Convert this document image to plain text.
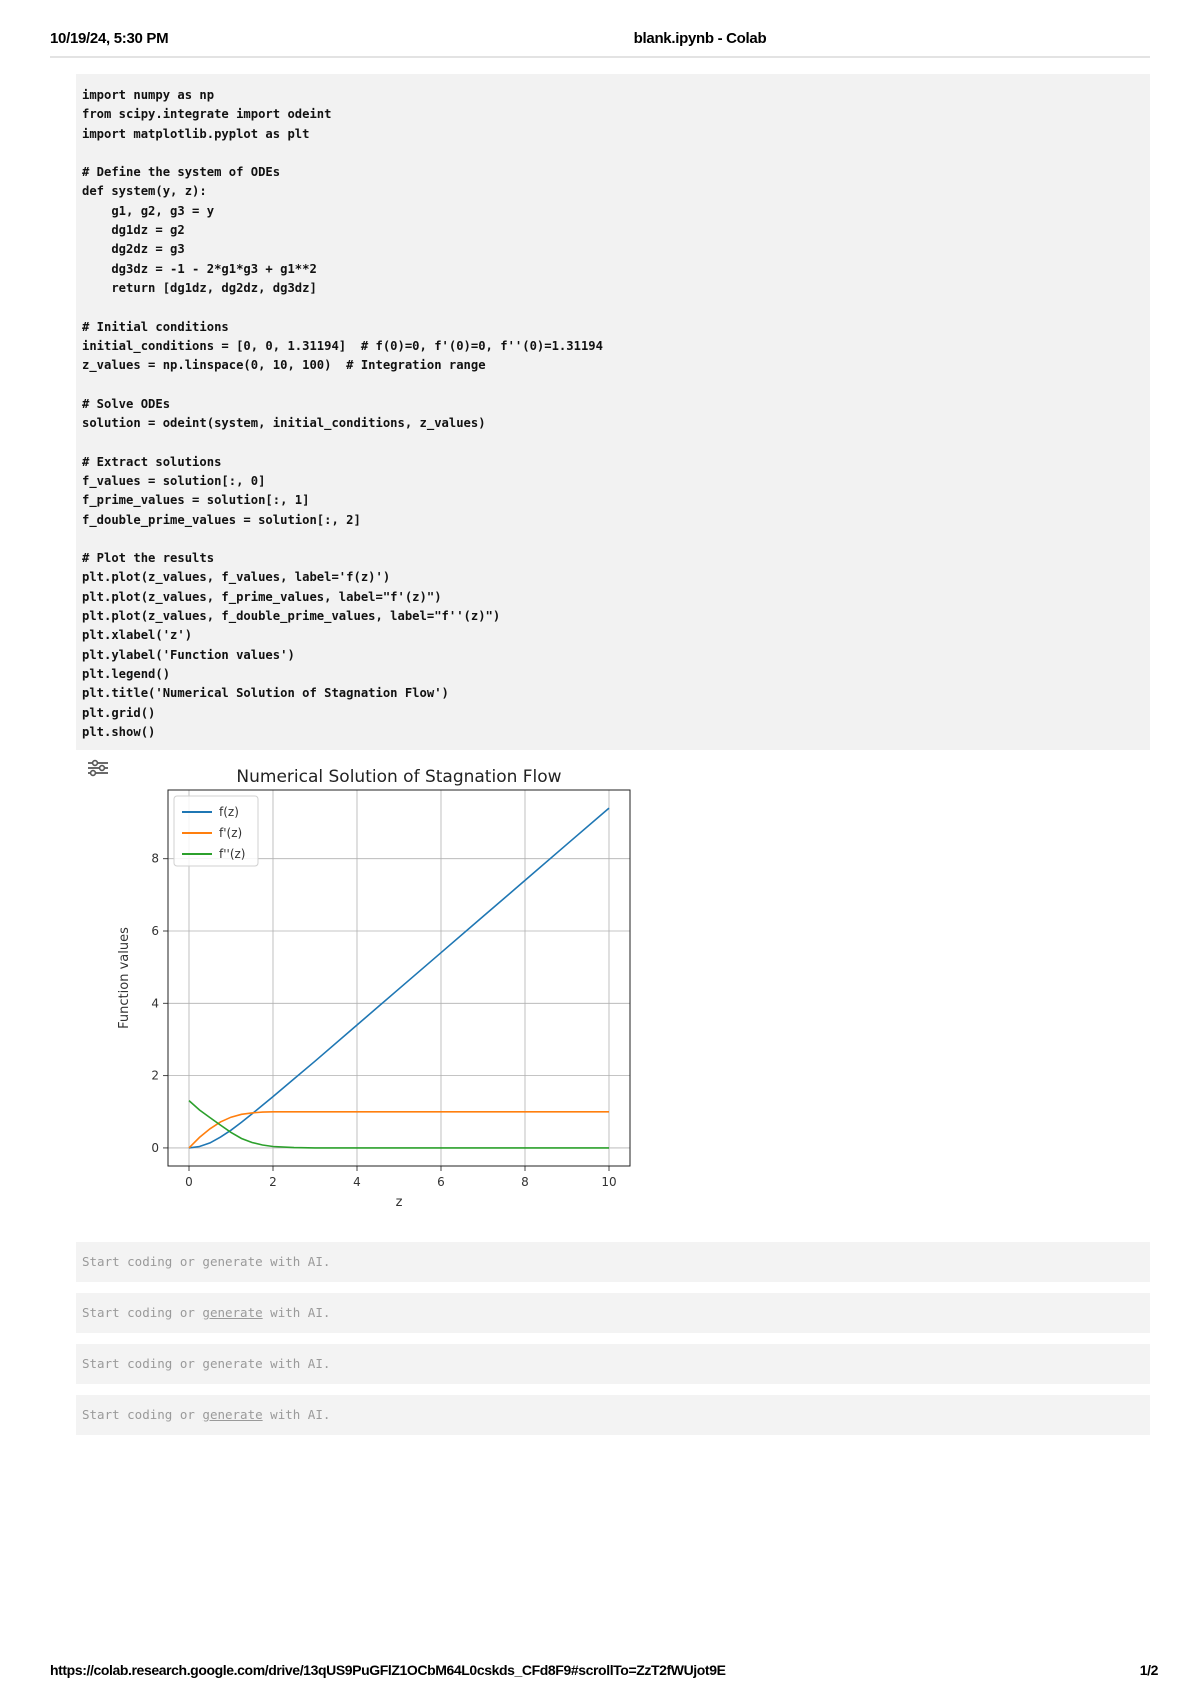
10/19/24, 5:30 PM	blank.ipynb - Colab
import numpy as np
from scipy.integrate import odeint
import matplotlib.pyplot as plt

# Define the system of ODEs
def system(y, z):
g1, g2, g3 = y
dg1dz = g2
dg2dz = g3
dg3dz = -1 - 2*g1*g3 + g1**2
return [dg1dz, dg2dz, dg3dz]

# Initial conditions
initial_conditions = [0, 0, 1.31194]  # f(0)=0, f'(0)=0, f''(0)=1.31194
z_values = np.linspace(0, 10, 100)  # Integration range

# Solve ODEs
solution = odeint(system, initial_conditions, z_values)

# Extract solutions
f_values = solution[:, 0]
f_prime_values = solution[:, 1]
f_double_prime_values = solution[:, 2]

# Plot the results
plt.plot(z_values, f_values, label='f(z)')
plt.plot(z_values, f_prime_values, label="f'(z)")
plt.plot(z_values, f_double_prime_values, label="f''(z)")
plt.xlabel('z')
plt.ylabel('Function values')
plt.legend()
plt.title('Numerical Solution of Stagnation Flow')
plt.grid()
plt.show()
Numerical Solution of Stagnation Flow
0	2	4	6	8	10
0
2
4
6
8
z
Function values
f(z)
f'(z)
f''(z)
Start coding or generate with AI.
Start coding or generate with AI.
Start coding or generate with AI.
Start coding or generate with AI.
https://colab.research.google.com/drive/13qUS9PuGFlZ1OCbM64L0cskds_CFd8F9#scrollTo=ZzT2fWUjot9E	1/2
